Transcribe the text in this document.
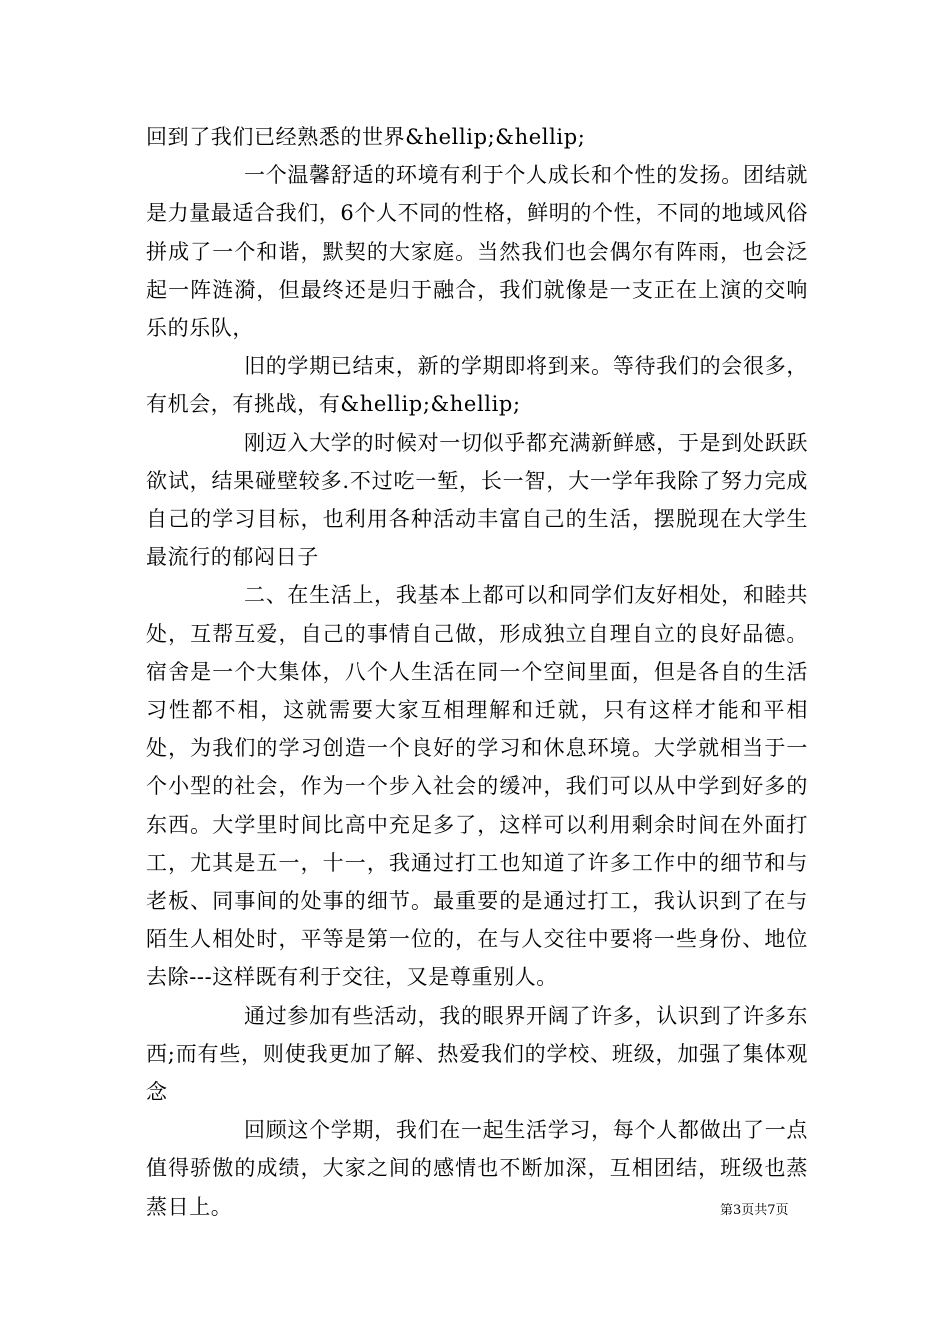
回到了我们已经熟悉的世界&hellip;&hellip;

一个温馨舒适的环境有利于个人成长和个性的发扬。团结就是力量最适合我们，6个人不同的性格，鲜明的个性，不同的地域风俗拼成了一个和谐，默契的大家庭。当然我们也会偶尔有阵雨，也会泛起一阵涟漪，但最终还是归于融合，我们就像是一支正在上演的交响乐的乐队，

旧的学期已结束，新的学期即将到来。等待我们的会很多，有机会，有挑战，有&hellip;&hellip;

刚迈入大学的时候对一切似乎都充满新鲜感，于是到处跃跃欲试，结果碰壁较多.不过吃一堑，长一智，大一学年我除了努力完成自己的学习目标，也利用各种活动丰富自己的生活，摆脱现在大学生最流行的郁闷日子

二、在生活上，我基本上都可以和同学们友好相处，和睦共处，互帮互爱，自己的事情自己做，形成独立自理自立的良好品德。宿舍是一个大集体，八个人生活在同一个空间里面，但是各自的生活习性都不相，这就需要大家互相理解和迁就，只有这样才能和平相处，为我们的学习创造一个良好的学习和休息环境。大学就相当于一个小型的社会，作为一个步入社会的缓冲，我们可以从中学到好多的东西。大学里时间比高中充足多了，这样可以利用剩余时间在外面打工，尤其是五一，十一，我通过打工也知道了许多工作中的细节和与老板、同事间的处事的细节。最重要的是通过打工，我认识到了在与陌生人相处时，平等是第一位的，在与人交往中要将一些身份、地位去除---这样既有利于交往，又是尊重别人。

通过参加有些活动，我的眼界开阔了许多，认识到了许多东西;而有些，则使我更加了解、热爱我们的学校、班级，加强了集体观念

回顾这个学期，我们在一起生活学习，每个人都做出了一点值得骄傲的成绩，大家之间的感情也不断加深，互相团结，班级也蒸蒸日上。	第3页共7页
